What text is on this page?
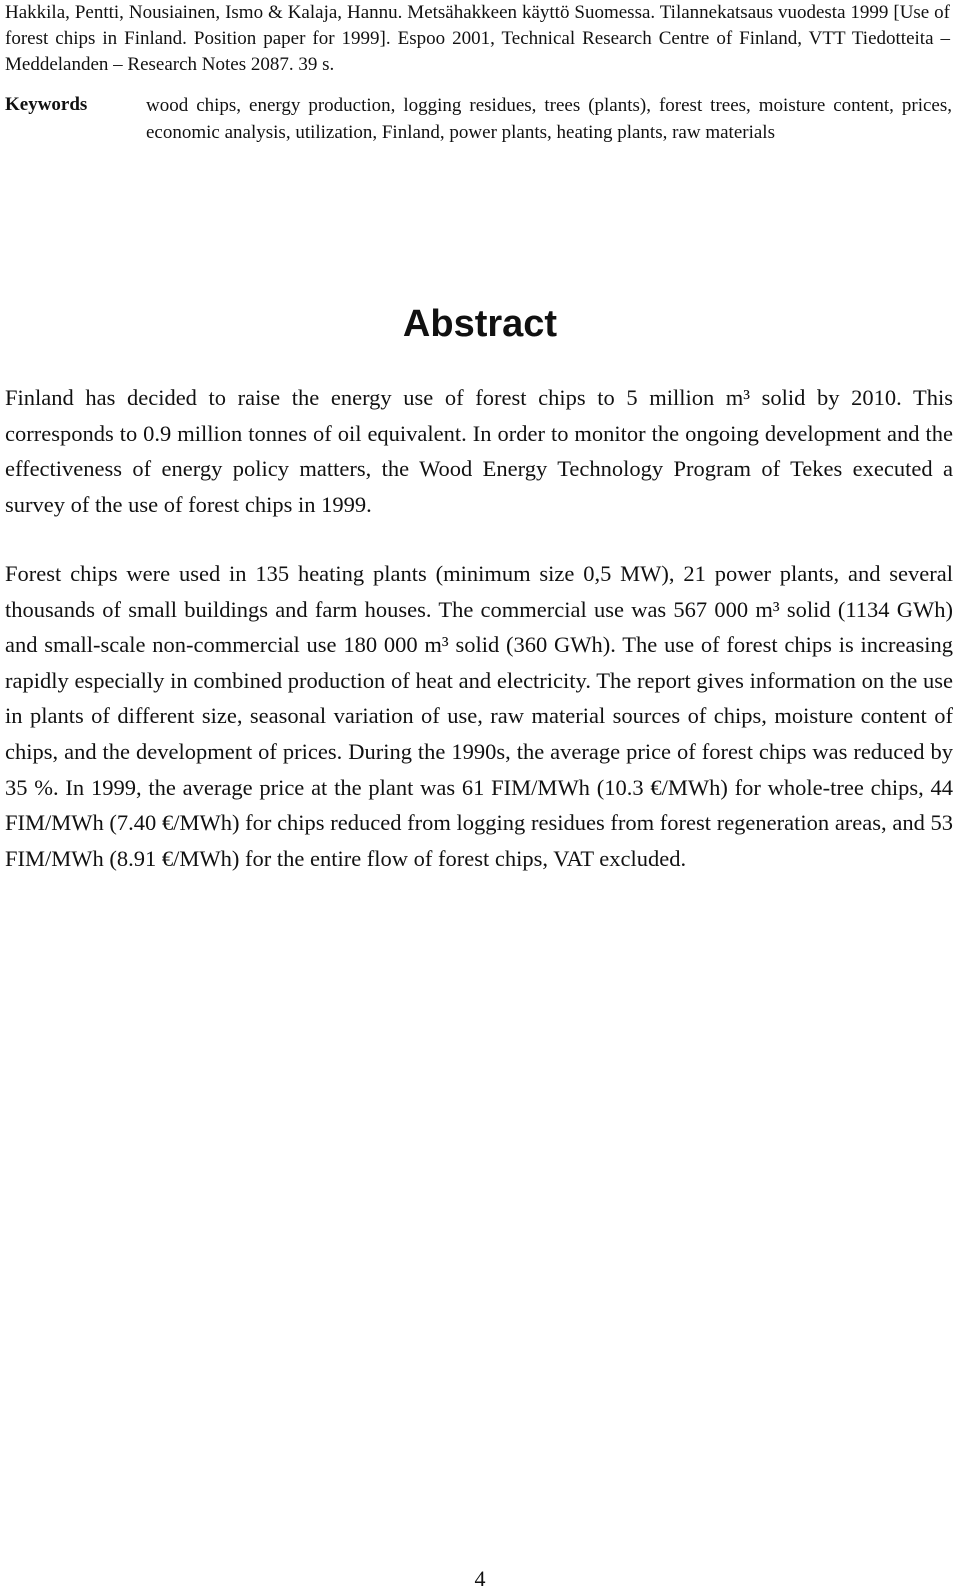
Hakkila, Pentti, Nousiainen, Ismo & Kalaja, Hannu. Metsähakkeen käyttö Suomessa. Tilannekatsaus vuodesta 1999 [Use of forest chips in Finland. Position paper for 1999]. Espoo 2001, Technical Research Centre of Finland, VTT Tiedotteita – Meddelanden – Research Notes 2087. 39 s.

Keywords	wood chips, energy production, logging residues, trees (plants), forest trees, moisture content, prices, economic analysis, utilization, Finland, power plants, heating plants, raw materials

Abstract

Finland has decided to raise the energy use of forest chips to 5 million m³ solid by 2010. This corresponds to 0.9 million tonnes of oil equivalent. In order to monitor the ongoing development and the effectiveness of energy policy matters, the Wood Energy Technology Program of Tekes executed a survey of the use of forest chips in 1999.

Forest chips were used in 135 heating plants (minimum size 0,5 MW), 21 power plants, and several thousands of small buildings and farm houses. The commercial use was 567 000 m³ solid (1134 GWh) and small-scale non-commercial use 180 000 m³ solid (360 GWh). The use of forest chips is increasing rapidly especially in combined production of heat and electricity. The report gives information on the use in plants of different size, seasonal variation of use, raw material sources of chips, moisture content of chips, and the development of prices. During the 1990s, the average price of forest chips was reduced by 35 %. In 1999, the average price at the plant was 61 FIM/MWh (10.3 €/MWh) for whole-tree chips, 44 FIM/MWh (7.40 €/MWh) for chips reduced from logging residues from forest regeneration areas, and 53 FIM/MWh (8.91 €/MWh) for the entire flow of forest chips, VAT excluded.

4
